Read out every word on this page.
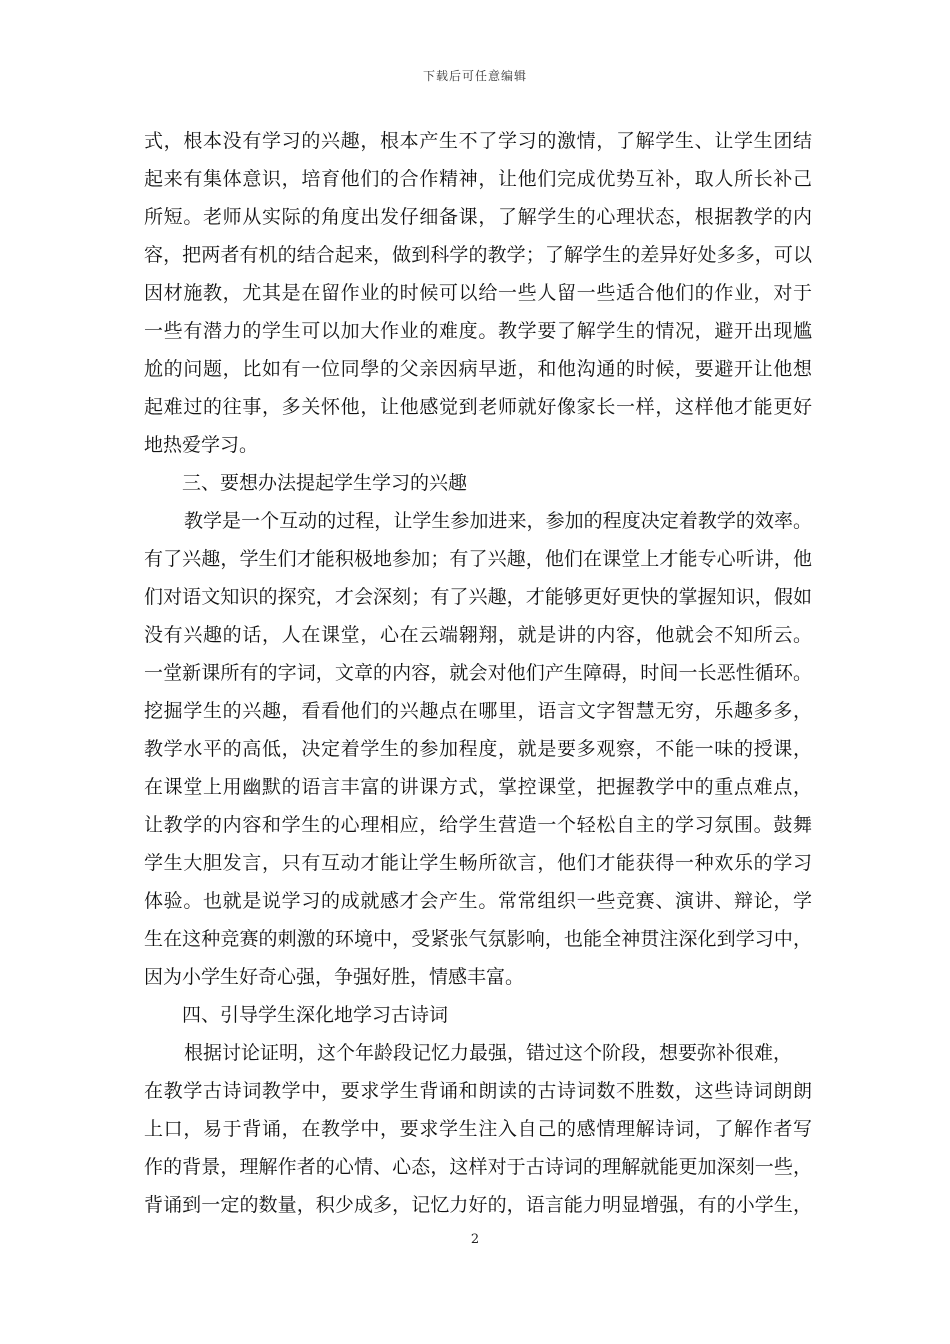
下载后可任意编辑
式，根本没有学习的兴趣，根本产生不了学习的激情，了解学生、让学生团结
起来有集体意识，培育他们的合作精神，让他们完成优势互补，取人所长补己
所短。老师从实际的角度出发仔细备课，了解学生的心理状态，根据教学的内
容，把两者有机的结合起来，做到科学的教学；了解学生的差异好处多多，可以
因材施教，尤其是在留作业的时候可以给一些人留一些适合他们的作业，对于
一些有潜力的学生可以加大作业的难度。教学要了解学生的情况，避开出现尴
尬的问题，比如有一位同學的父亲因病早逝，和他沟通的时候，要避开让他想
起难过的往事，多关怀他，让他感觉到老师就好像家长一样，这样他才能更好
地热爱学习。
三、要想办法提起学生学习的兴趣
教学是一个互动的过程，让学生参加进来，参加的程度决定着教学的效率。
有了兴趣，学生们才能积极地参加；有了兴趣，他们在课堂上才能专心听讲，他
们对语文知识的探究，才会深刻；有了兴趣，才能够更好更快的掌握知识，假如
没有兴趣的话，人在课堂，心在云端翱翔，就是讲的内容，他就会不知所云。
一堂新课所有的字词，文章的内容，就会对他们产生障碍，时间一长恶性循环。
挖掘学生的兴趣，看看他们的兴趣点在哪里，语言文字智慧无穷，乐趣多多，
教学水平的高低，决定着学生的参加程度，就是要多观察，不能一味的授课，
在课堂上用幽默的语言丰富的讲课方式，掌控课堂，把握教学中的重点难点，
让教学的内容和学生的心理相应，给学生营造一个轻松自主的学习氛围。鼓舞
学生大胆发言，只有互动才能让学生畅所欲言，他们才能获得一种欢乐的学习
体验。也就是说学习的成就感才会产生。常常组织一些竞赛、演讲、辩论，学
生在这种竞赛的刺激的环境中，受紧张气氛影响，也能全神贯注深化到学习中，
因为小学生好奇心强，争强好胜，情感丰富。
四、引导学生深化地学习古诗词
根据讨论证明，这个年龄段记忆力最强，错过这个阶段，想要弥补很难，
在教学古诗词教学中，要求学生背诵和朗读的古诗词数不胜数，这些诗词朗朗
上口，易于背诵，在教学中，要求学生注入自己的感情理解诗词，了解作者写
作的背景，理解作者的心情、心态，这样对于古诗词的理解就能更加深刻一些，
背诵到一定的数量，积少成多，记忆力好的，语言能力明显增强，有的小学生，
2
